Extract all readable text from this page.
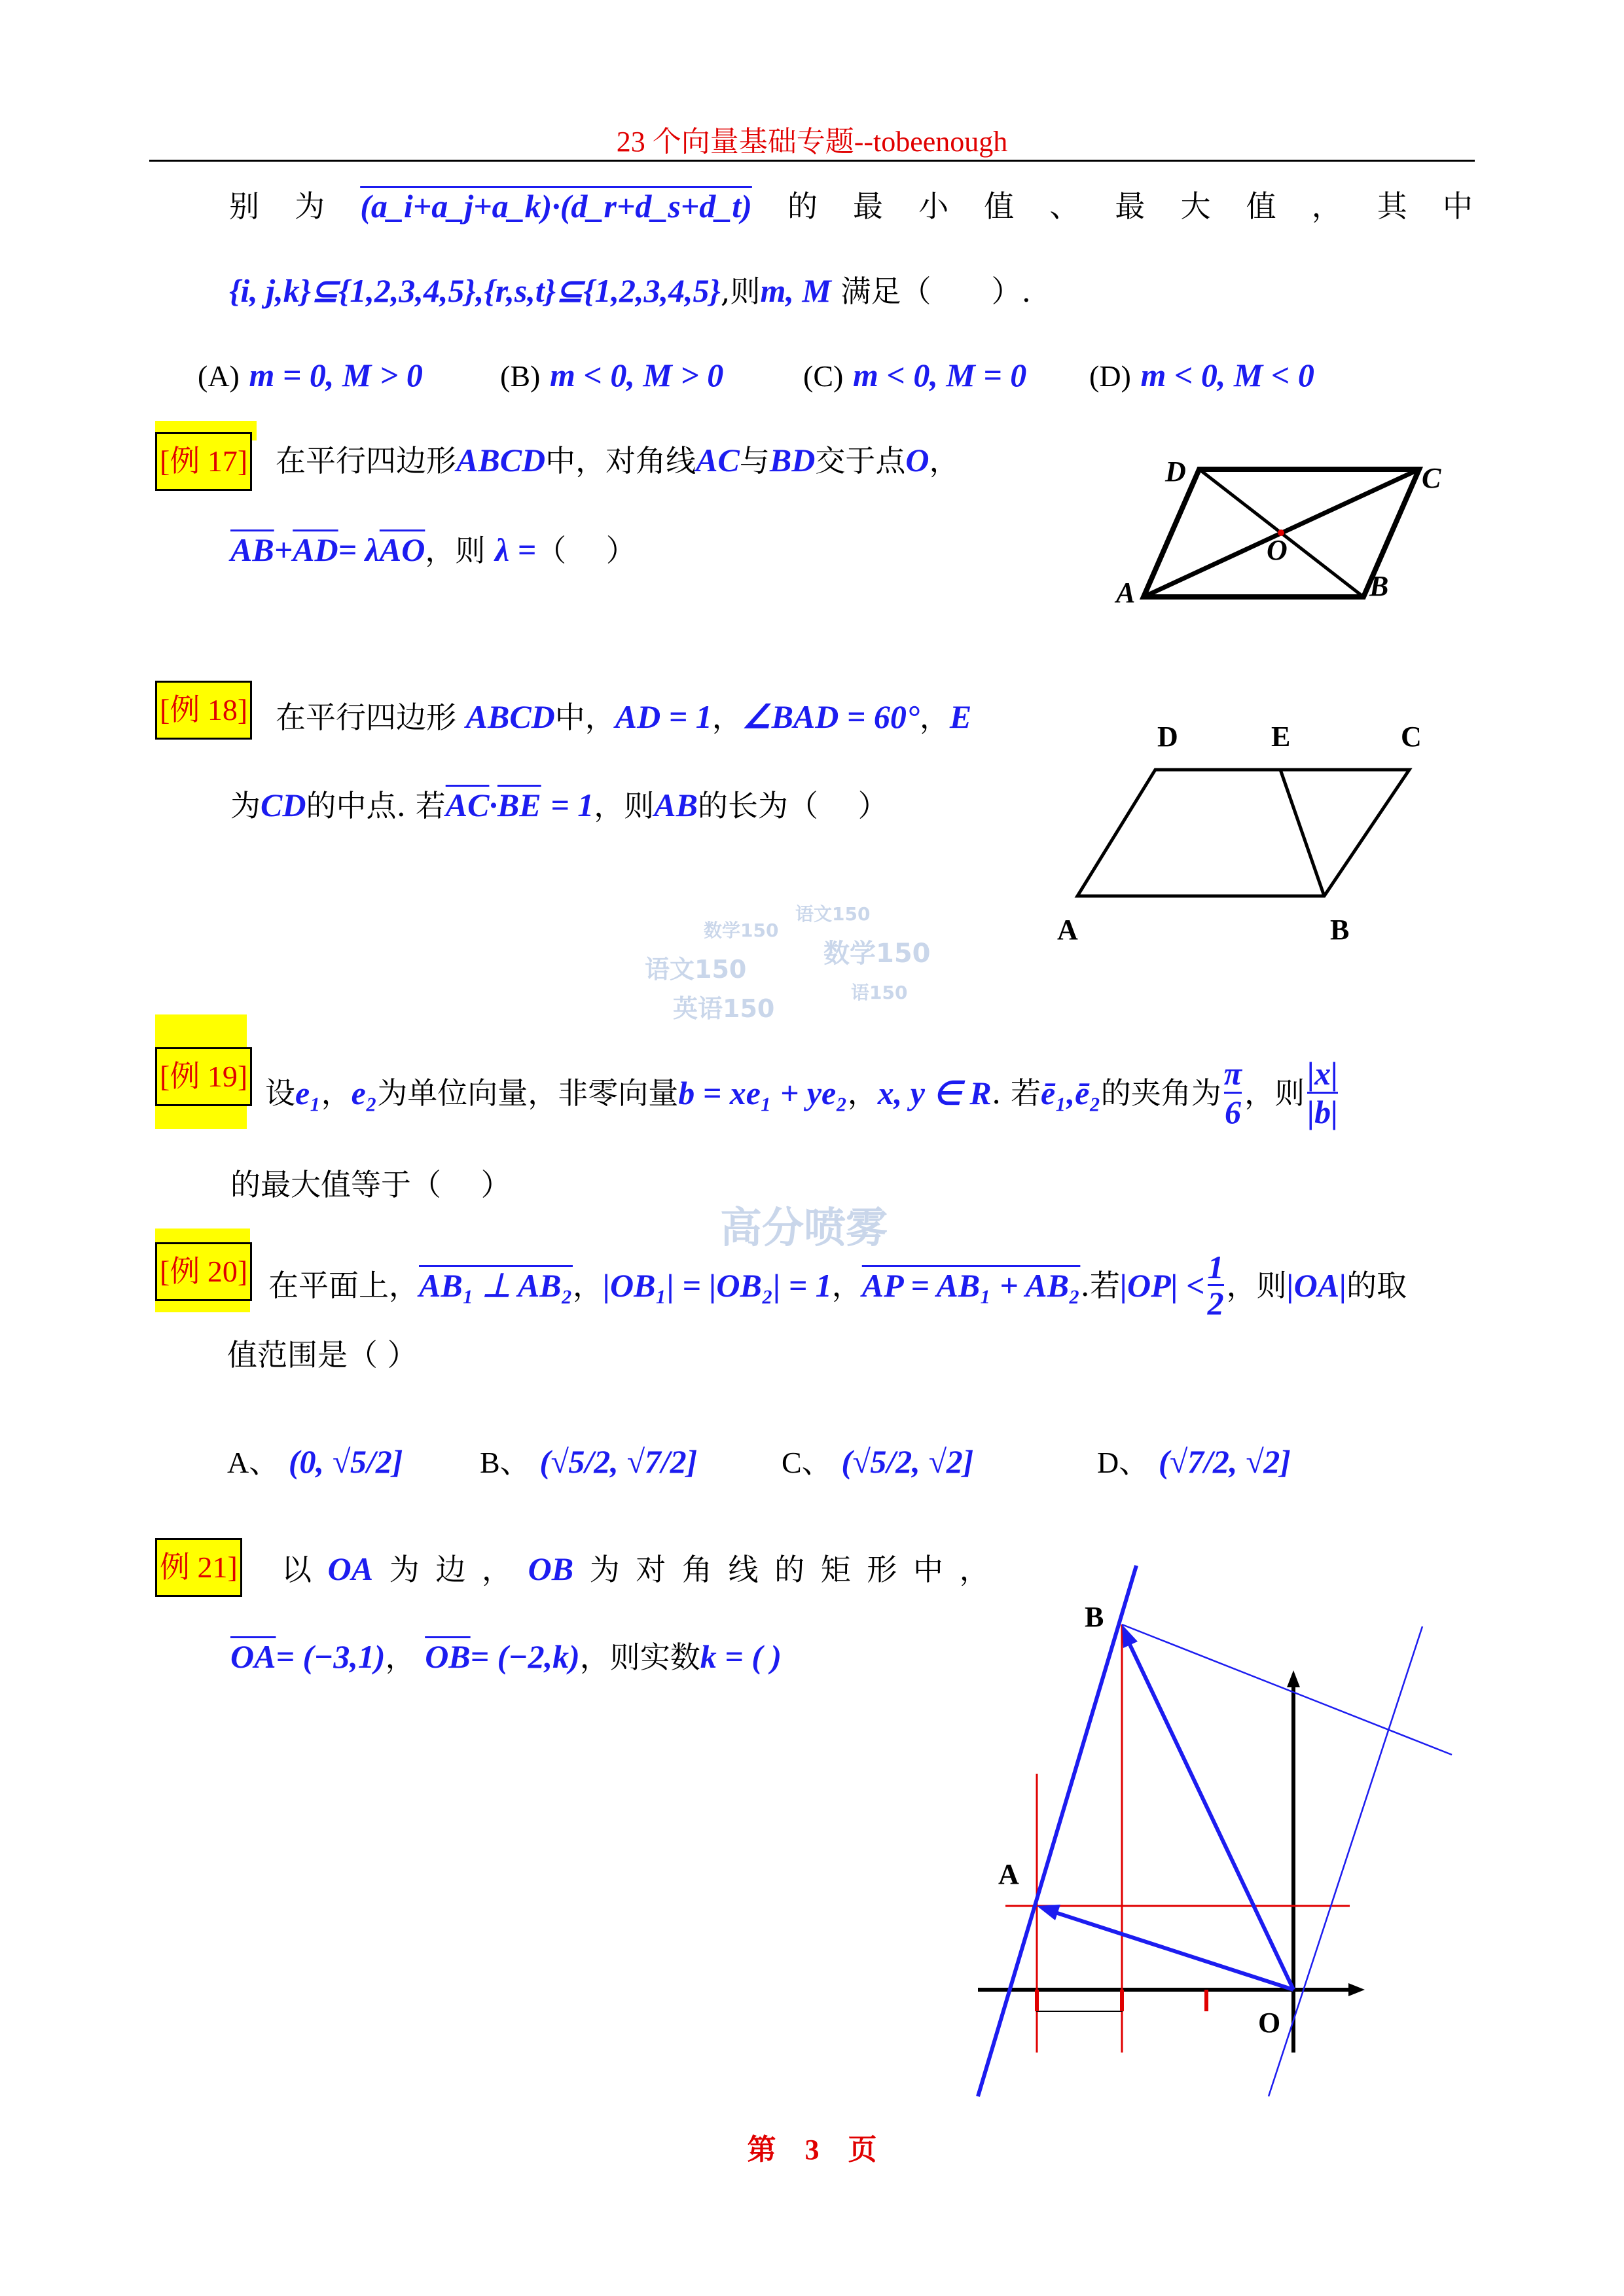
23 个向量基础专题--tobeenough
别 为 (a_i+a_j+a_k)·(d_r+d_s+d_t) 的 最 小 值 、 最 大 值 ， 其 中
{i, j,k}⊆{1,2,3,4,5},{r,s,t}⊆{1,2,3,4,5},则m, M 满足（　　）.
(A) m = 0, M > 0	(B) m < 0, M > 0	(C) m < 0, M = 0 (D) m < 0, M < 0
[例 17] 在平行四边形ABCD中，对角线AC与BD交于点O，
$\overline{AB}+\overline{AD}= \lambda\overline{AO}$，则 λ =（　 ）
D	C
O
A	B
D	E	C
A	B
B
A
O
[例 18] 在平行四边形 ABCD中，AD = 1，∠BAD = 60°，E
为CD的中点. 若$\overline{AC}\cdot\overline{BE} = 1$，则AB的长为（　 ）
数学150
语文150
语文150
数学150
英语150
语150
高分喷雾
[例 19] 设 e₁ ， e₂ 为单位向量，非零向量 b = xe₁ + ye₂ ， x, y ∈ R . 若 ē₁,ē₂ 的夹角为 $\frac{\pi}{6}$ ，则 $\frac{|x|}{|b|}$
的最大值等于（　 ）
[例 20] 在平面上， AB₁ ⊥ AB₂ ， |OB₁| = |OB₂| = 1 ， AP = AB₁ + AB₂ .若 $|OP| < \frac{1}{2}$ ，则 |OA| 的取
值范围是（ ）
A、 (0, √5/2]	B、 (√5/2, √7/2]	C、 (√5/2, √2]	D、 (√7/2, √2]
例 21] 以 OA 为 边 ， OB 为 对 角 线 的 矩 形 中 ，
$\overline{OA}= (-3,1)$， $\overline{OB}= (-2,k)$，则实数k = ( )
第　3　页
